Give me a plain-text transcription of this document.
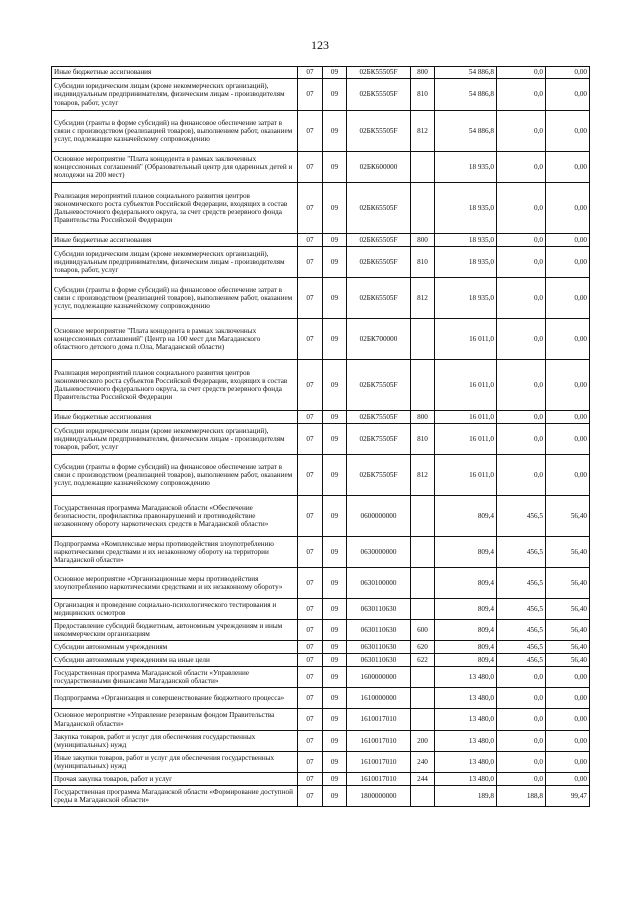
123
Иные бюджетные ассигнования	07	09	02БК55505F	800	54 886,8	0,0	0,00
Субсидии юридическим лицам (кроме некоммерческих организаций), индивидуальным предпринимателям, физическим лицам - производителям товаров, работ, услуг	07	09	02БК55505F	810	54 886,8	0,0	0,00
Субсидии (гранты в форме субсидий) на финансовое обеспечение затрат в связи с производством (реализацией товаров), выполнением работ, оказанием услуг, подлежащие казначейскому сопровождению	07	09	02БК55505F	812	54 886,8	0,0	0,00
Основное мероприятие "Плата концедента в рамках заключенных концессионных соглашений" (Образовательный центр для одаренных детей и молодежи на 200 мест)	07	09	02БК600000		18 935,0	0,0	0,00
Реализация мероприятий планов социального развития центров экономического роста субъектов Российской Федерации, входящих в состав Дальневосточного федерального округа, за счет средств резервного фонда Правительства Российской Федерации	07	09	02БК65505F		18 935,0	0,0	0,00
Иные бюджетные ассигнования	07	09	02БК65505F	800	18 935,0	0,0	0,00
Субсидии юридическим лицам (кроме некоммерческих организаций), индивидуальным предпринимателям, физическим лицам - производителям товаров, работ, услуг	07	09	02БК65505F	810	18 935,0	0,0	0,00
Субсидии (гранты в форме субсидий) на финансовое обеспечение затрат в связи с производством (реализацией товаров), выполнением работ, оказанием услуг, подлежащие казначейскому сопровождению	07	09	02БК65505F	812	18 935,0	0,0	0,00
Основное мероприятие "Плата концедента в рамках заключенных концессионных соглашений" (Центр на 100 мест для Магаданского областного детского дома п.Ола, Магаданской области)	07	09	02БК700000		16 011,0	0,0	0,00
Реализация мероприятий планов социального развития центров экономического роста субъектов Российской Федерации, входящих в состав Дальневосточного федерального округа, за счет средств резервного фонда Правительства Российской Федерации	07	09	02БК75505F		16 011,0	0,0	0,00
Иные бюджетные ассигнования	07	09	02БК75505F	800	16 011,0	0,0	0,00
Субсидии юридическим лицам (кроме некоммерческих организаций), индивидуальным предпринимателям, физическим лицам - производителям товаров, работ, услуг	07	09	02БК75505F	810	16 011,0	0,0	0,00
Субсидии (гранты в форме субсидий) на финансовое обеспечение затрат в связи с производством (реализацией товаров), выполнением работ, оказанием услуг, подлежащие казначейскому сопровождению	07	09	02БК75505F	812	16 011,0	0,0	0,00
Государственная программа Магаданской области «Обеспечение безопасности, профилактика правонарушений и противодействие незаконному обороту наркотических средств в Магаданской области»	07	09	0600000000		809,4	456,5	56,40
Подпрограмма «Комплексные меры противодействия злоупотреблению наркотическими средствами и их незаконному обороту на территории Магаданской области»	07	09	0630000000		809,4	456,5	56,40
Основное мероприятие «Организационные меры противодействия злоупотреблению наркотическими средствами и их незаконному обороту»	07	09	0630100000		809,4	456,5	56,40
Организация и проведение социально-психологического тестирования и медицинских осмотров	07	09	0630110630		809,4	456,5	56,40
Предоставление субсидий бюджетным, автономным учреждениям и иным некоммерческим организациям	07	09	0630110630	600	809,4	456,5	56,40
Субсидии автономным учреждениям	07	09	0630110630	620	809,4	456,5	56,40
Субсидии автономным учреждениям на иные цели	07	09	0630110630	622	809,4	456,5	56,40
Государственная программа Магаданской области «Управление государственными финансами Магаданской области»	07	09	1600000000		13 480,0	0,0	0,00
Подпрограмма «Организация и совершенствование бюджетного процесса»	07	09	1610000000		13 480,0	0,0	0,00
Основное мероприятие «Управление резервным фондом Правительства Магаданской области»	07	09	1610017010		13 480,0	0,0	0,00
Закупка товаров, работ и услуг для обеспечения государственных (муниципальных) нужд	07	09	1610017010	200	13 480,0	0,0	0,00
Иные закупки товаров, работ и услуг для обеспечения государственных (муниципальных) нужд	07	09	1610017010	240	13 480,0	0,0	0,00
Прочая закупка товаров, работ и услуг	07	09	1610017010	244	13 480,0	0,0	0,00
Государственная программа Магаданской области «Формирование доступной среды в Магаданской области»	07	09	1800000000		189,8	188,8	99,47
